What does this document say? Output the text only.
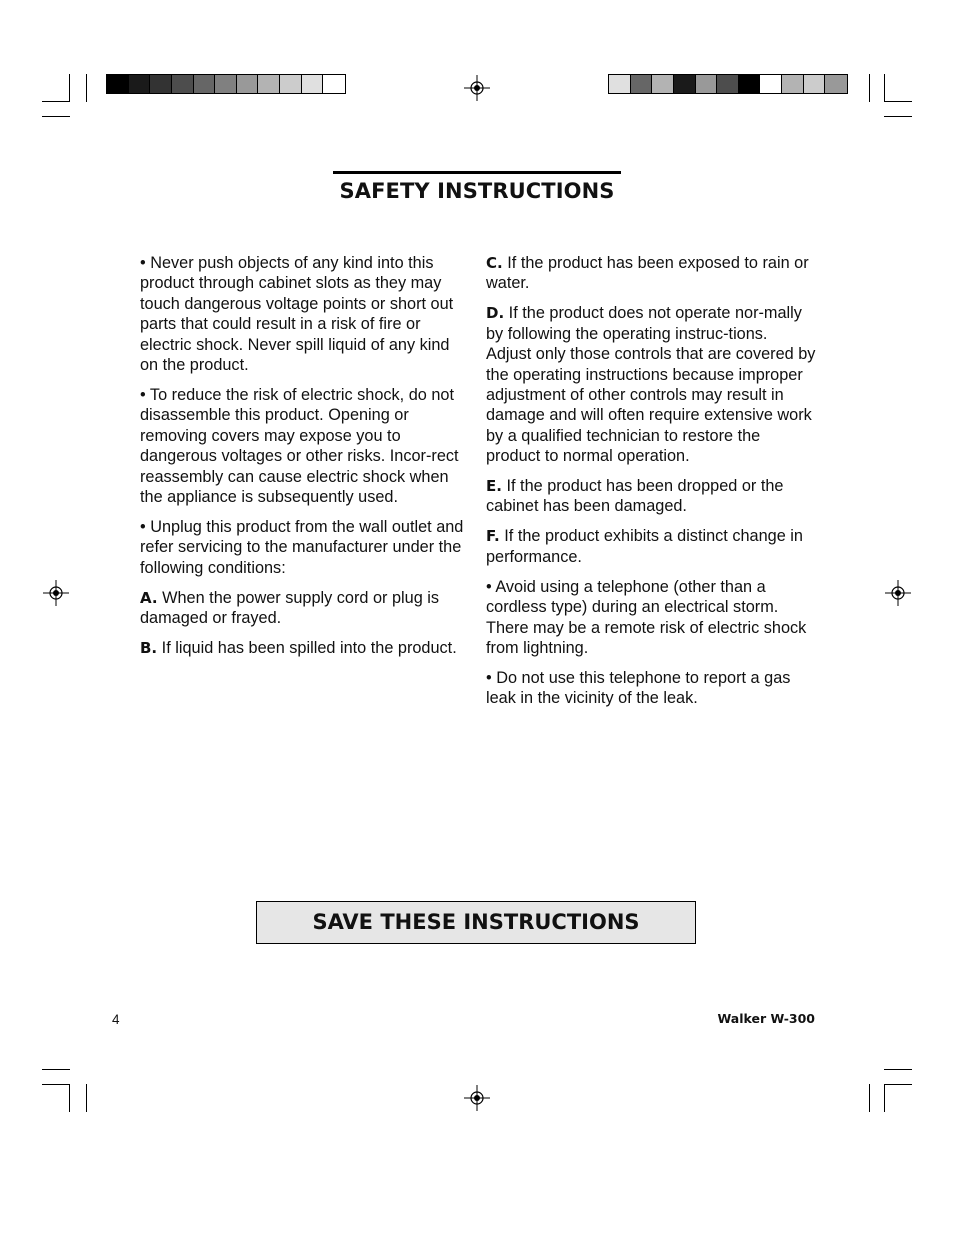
SAFETY INSTRUCTIONS

• Never push objects of any kind into this product through cabinet slots as they may touch dangerous voltage points or short out parts that could result in a risk of fire or electric shock. Never spill liquid of any kind on the product.

• To reduce the risk of electric shock, do not disassemble this product. Opening or removing covers may expose you to dangerous voltages or other risks. Incor-rect reassembly can cause electric shock when the appliance is subsequently used.

• Unplug this product from the wall outlet and refer servicing to the manufacturer under the following conditions:

A. When the power supply cord or plug is damaged or frayed.

B. If liquid has been spilled into the product.

C. If the product has been exposed to rain or water.

D. If the product does not operate nor-mally by following the operating instruc-tions. Adjust only those controls that are covered by the operating instructions because improper adjustment of other controls may result in damage and will often require extensive work by a qualified technician to restore the product to normal operation.

E. If the product has been dropped or the cabinet has been damaged.

F. If the product exhibits a distinct change in performance.

• Avoid using a telephone (other than a cordless type) during an electrical storm. There may be a remote risk of electric shock from lightning.

• Do not use this telephone to report a gas leak in the vicinity of the leak.

SAVE THESE INSTRUCTIONS
4	Walker W-300
